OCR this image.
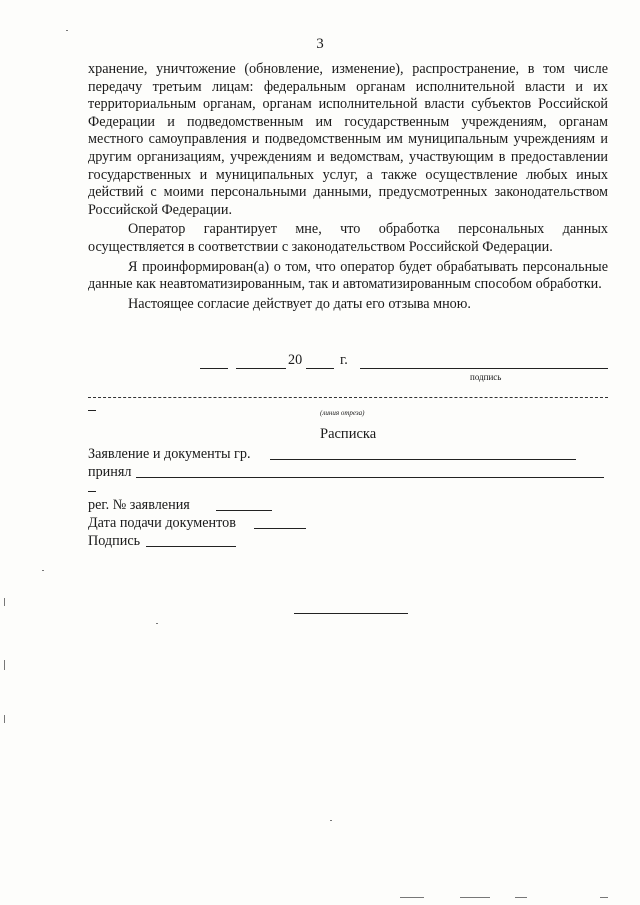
3

хранение, уничтожение (обновление, изменение), распространение, в том числе передачу третьим лицам: федеральным органам исполнительной власти и их территориальным органам, органам исполнительной власти субъектов Российской Федерации и подведомственным им государственным учреждениям, органам местного самоуправления и подведомственным им муниципальным учреждениям и другим организациям, учреждениям и ведомствам, участвующим в предоставлении государственных и муниципальных услуг, а также осуществление любых иных действий с моими персональными данными, предусмотренных законодательством Российской Федерации.

Оператор гарантирует мне, что обработка персональных данных осуществляется в соответствии с законодательством Российской Федерации.

Я проинформирован(а) о том, что оператор будет обрабатывать персональные данные как неавтоматизированным, так и автоматизированным способом обработки.

Настоящее согласие действует до даты его отзыва мною.

20	г.
подпись
(линия отреза)
Расписка
Заявление и документы гр.
принял
рег. № заявления
Дата подачи документов
Подпись
